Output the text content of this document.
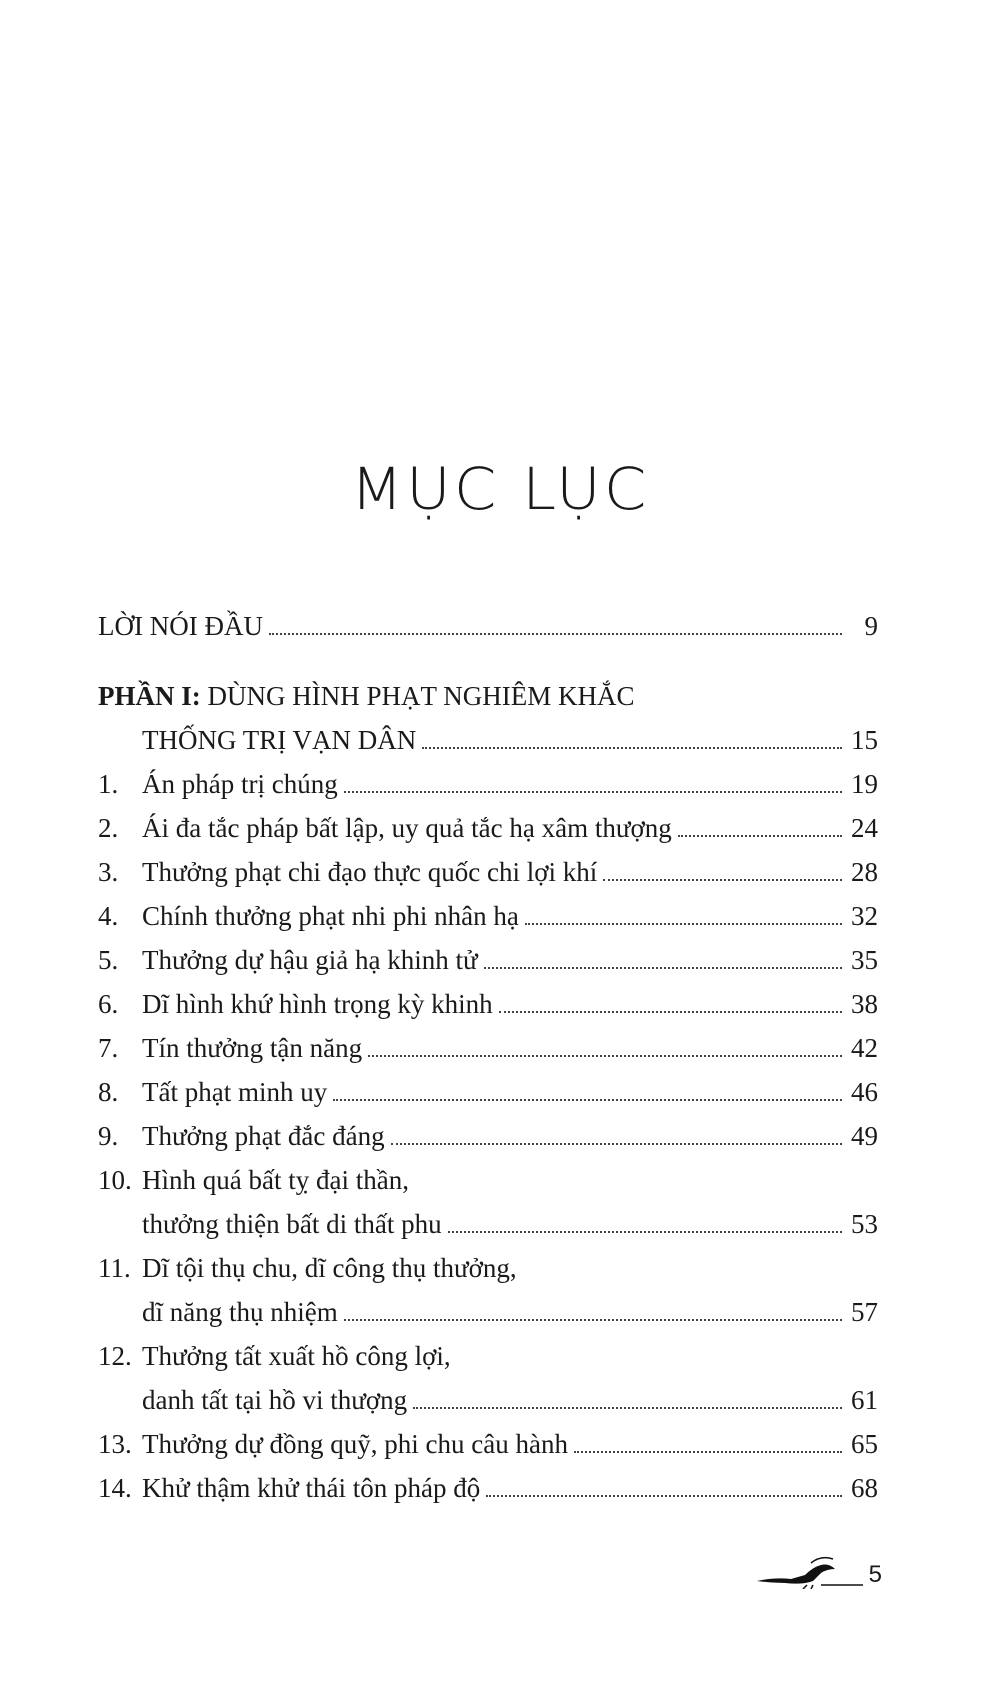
MỤC LỤC
LỜI NÓI ĐẦU	9
PHẦN I: DÙNG HÌNH PHẠT NGHIÊM KHẮC
THỐNG TRỊ VẠN DÂN	15
1. Án pháp trị chúng	19
2. Ái đa tắc pháp bất lập, uy quả tắc hạ xâm thượng	24
3. Thưởng phạt chi đạo thực quốc chi lợi khí	28
4. Chính thưởng phạt nhi phi nhân hạ	32
5. Thưởng dự hậu giả hạ khinh tử	35
6. Dĩ hình khứ hình trọng kỳ khinh	38
7. Tín thưởng tận năng	42
8. Tất phạt minh uy	46
9. Thưởng phạt đắc đáng	49
10. Hình quá bất tỵ đại thần,
thưởng thiện bất di thất phu	53
11. Dĩ tội thụ chu, dĩ công thụ thưởng,
dĩ năng thụ nhiệm	57
12. Thưởng tất xuất hồ công lợi,
danh tất tại hồ vi thượng	61
13. Thưởng dự đồng quỹ, phi chu câu hành	65
14. Khử thậm khử thái tôn pháp độ	68
5
